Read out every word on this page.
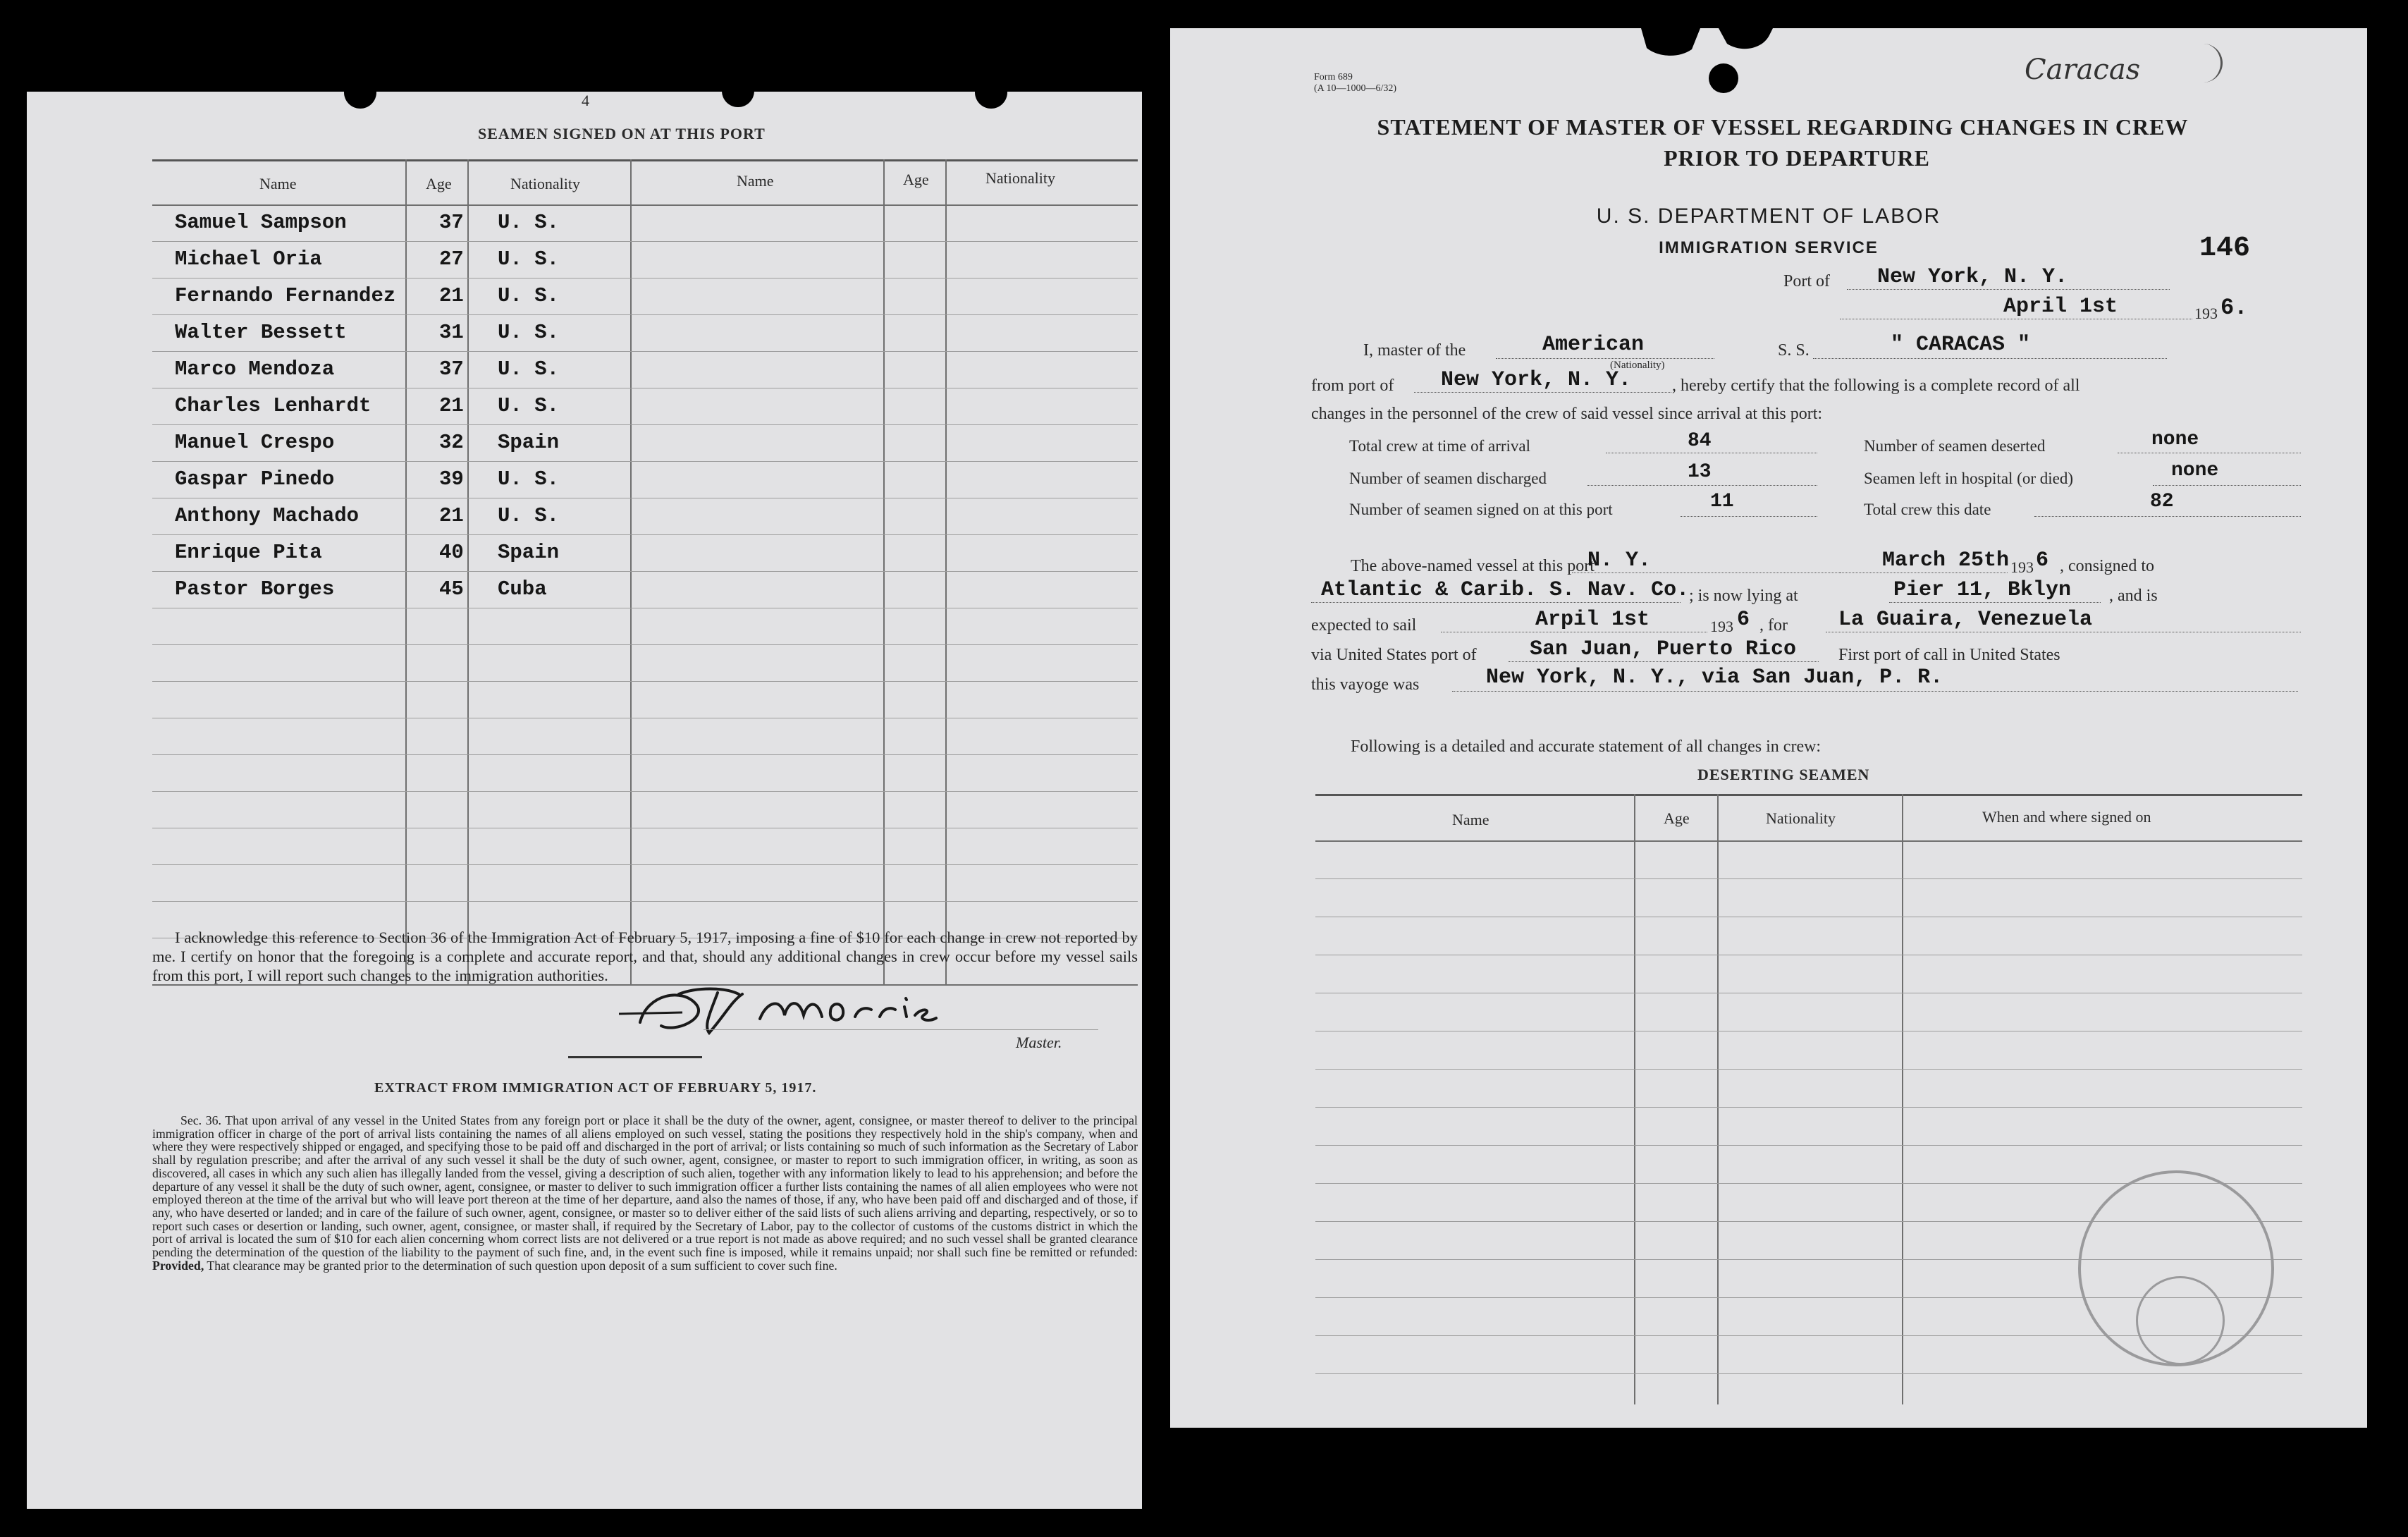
4
SEAMEN SIGNED ON AT THIS PORT
Name	Age	Nationality	Name	Age	Nationality
Samuel Sampson	37 U. S.
Michael Oria	27 U. S.
Fernando Fernandez 21 U. S.
Walter Bessett	31 U. S.
Marco Mendoza	37 U. S.
Charles Lenhardt	21 U. S.
Manuel Crespo	32 Spain
Gaspar Pinedo	39 U. S.
Anthony Machado	21 U. S.
Enrique Pita	40 Spain
Pastor Borges	45 Cuba
I acknowledge this reference to Section 36 of the Immigration Act of February 5, 1917, imposing a fine of $10 for each change in crew not reported by me. I certify on honor that the foregoing is a complete and accurate report, and that, should any additional changes in crew occur before my vessel sails from this port, I will report such changes to the immigration authorities.
Master.
EXTRACT FROM IMMIGRATION ACT OF FEBRUARY 5, 1917.
Sec. 36. That upon arrival of any vessel in the United States from any foreign port or place it shall be the duty of the owner, agent, consignee, or master thereof to deliver to the principal immigration officer in charge of the port of arrival lists containing the names of all aliens employed on such vessel, stating the positions they respectively hold in the ship's company, when and where they were respectively shipped or engaged, and specifying those to be paid off and discharged in the port of arrival; or lists containing so much of such information as the Secretary of Labor shall by regulation prescribe; and after the arrival of any such vessel it shall be the duty of such owner, agent, consignee, or master to report to such immigration officer, in writing, as soon as discovered, all cases in which any such alien has illegally landed from the vessel, giving a description of such alien, together with any information likely to lead to his apprehension; and before the departure of any vessel it shall be the duty of such owner, agent, consignee, or master to deliver to such immigration officer a further lists containing the names of all alien employees who were not employed thereon at the time of the arrival but who will leave port thereon at the time of her departure, aand also the names of those, if any, who have been paid off and discharged and of those, if any, who have deserted or landed; and in care of the failure of such owner, agent, consignee, or master so to deliver either of the said lists of such aliens arriving and departing, respectively, or so to report such cases or desertion or landing, such owner, agent, consignee, or master shall, if required by the Secretary of Labor, pay to the collector of customs of the customs district in which the port of arrival is located the sum of $10 for each alien concerning whom correct lists are not delivered or a true report is not made as above required; and no such vessel shall be granted clearance pending the determination of the question of the liability to the payment of such fine, and, in the event such fine is imposed, while it remains unpaid; nor shall such fine be remitted or refunded: Provided, That clearance may be granted prior to the determination of such question upon deposit of a sum sufficient to cover such fine.
Form 689
(A 10—1000—6/32)
Caracas
STATEMENT OF MASTER OF VESSEL REGARDING CHANGES IN CREW
PRIOR TO DEPARTURE
U. S. DEPARTMENT OF LABOR
IMMIGRATION SERVICE	146
Port of New York, N. Y.
April 1st	193 6.
I, master of the	American
(Nationality)
S. S.	" CARACAS "
from port of New York, N. Y. , hereby certify that the following is a complete record of all
changes in the personnel of the crew of said vessel since arrival at this port:
Total crew at time of arrival	84	Number of seamen deserted	none
Number of seamen discharged	13	Seamen left in hospital (or died)	none
Number of seamen signed on at this port	11	Total crew this date	82
The above-named vessel at this port
N. Y.	March 25th 193 6 , consigned to
Atlantic & Carib. S. Nav. Co. ; is now lying at	Pier 11, Bklyn , and is
expected to sail	Arpil 1st	193 6 , for La Guaira, Venezuela
via United States port of	San Juan, Puerto Rico First port of call in United States
this vayoge was	New York, N. Y., via San Juan, P. R.
Following is a detailed and accurate statement of all changes in crew:
DESERTING SEAMEN
Name	Age	Nationality	When and where signed on
